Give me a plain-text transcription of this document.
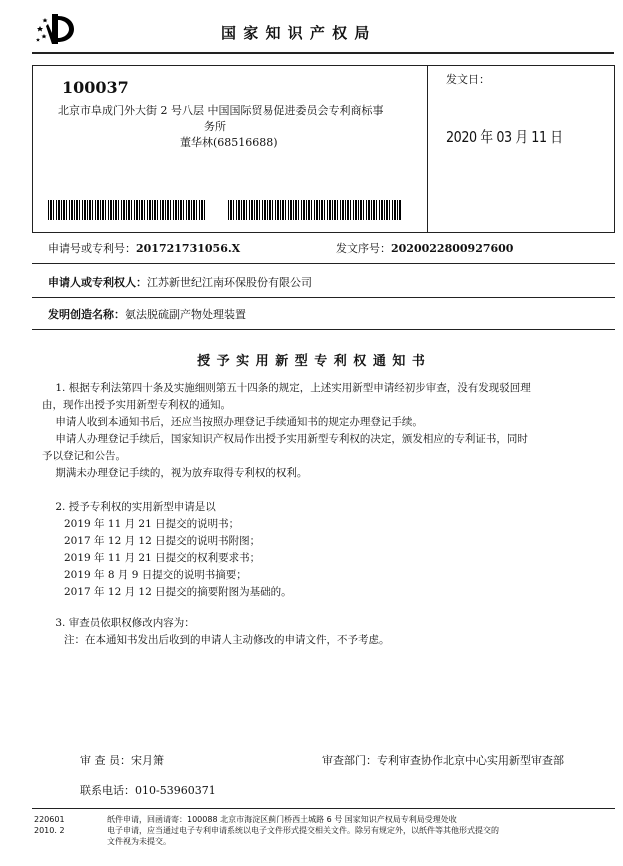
国 家 知 识 产 权 局
100037
北京市阜成门外大街 2 号八层 中国国际贸易促进委员会专利商标事
务所
董华林(68516688)
发文日：
2020 年 03 月 11 日
申请号或专利号：201721731056.X	发文序号：2020022800927600
申请人或专利权人：江苏新世纪江南环保股份有限公司
发明创造名称：氨法脱硫副产物处理装置
授 予 实 用 新 型 专 利 权 通 知 书
1. 根据专利法第四十条及实施细则第五十四条的规定，上述实用新型申请经初步审查，没有发现驳回理
由，现作出授予实用新型专利权的通知。
申请人收到本通知书后，还应当按照办理登记手续通知书的规定办理登记手续。
申请人办理登记手续后，国家知识产权局作出授予实用新型专利权的决定，颁发相应的专利证书，同时
予以登记和公告。
期满未办理登记手续的，视为放弃取得专利权的权利。
2. 授予专利权的实用新型申请是以
2019 年 11 月 21 日提交的说明书；
2017 年 12 月 12 日提交的说明书附图；
2019 年 11 月 21 日提交的权利要求书；
2019 年 8 月 9 日提交的说明书摘要；
2017 年 12 月 12 日提交的摘要附图为基础的。
3. 审查员依职权修改内容为：
注：在本通知书发出后收到的申请人主动修改的申请文件，不予考虑。
审 查 员：宋月箫	审查部门：专利审查协作北京中心实用新型审查部
联系电话：010-53960371
220601
2010. 2
纸件申请，回函请寄：100088 北京市海淀区蓟门桥西土城路 6 号 国家知识产权局专利局受理处收
电子申请，应当通过电子专利申请系统以电子文件形式提交相关文件。除另有规定外，以纸件等其他形式提交的
文件视为未提交。
